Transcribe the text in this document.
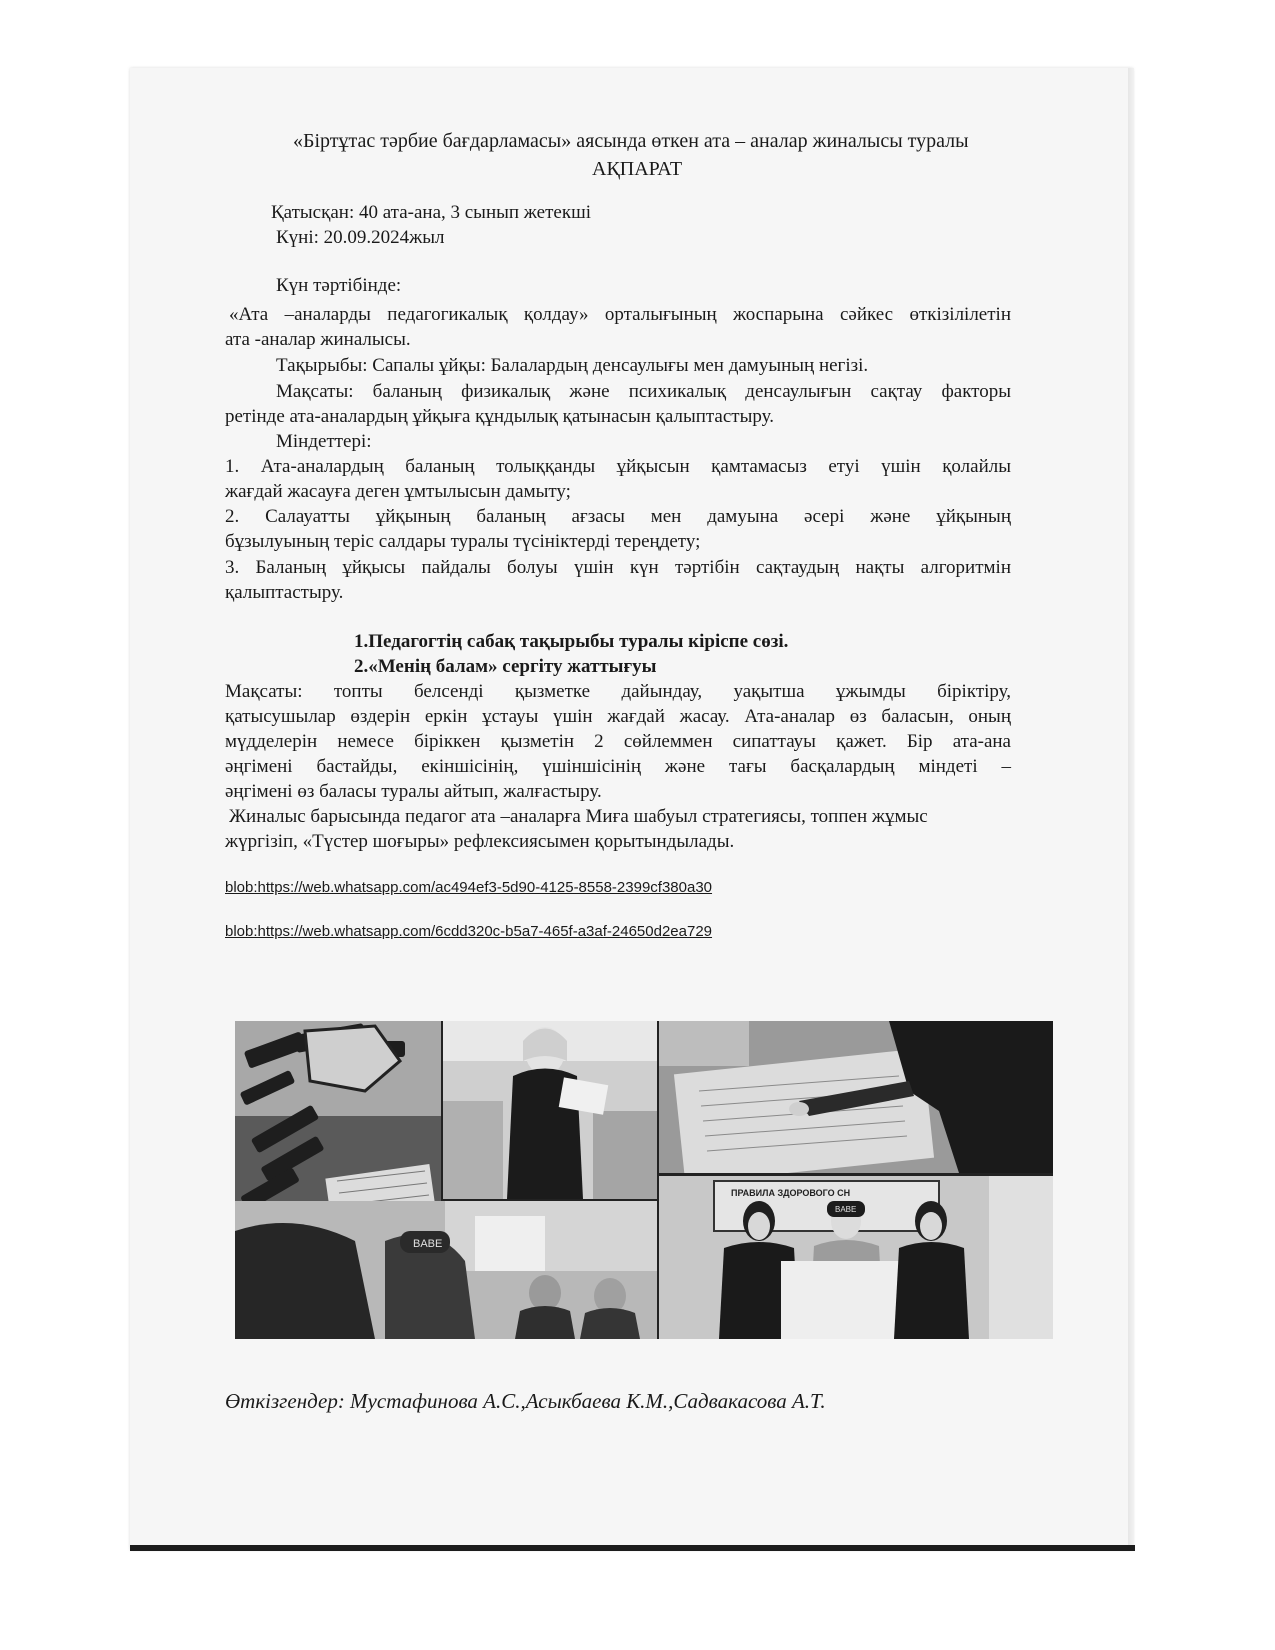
«Біртұтас тәрбие бағдарламасы» аясында өткен ата – аналар жиналысы туралы
АҚПАРАТ
Қатысқан: 40 ата-ана, 3 сынып жетекші
Күні: 20.09.2024жыл
Күн тәртібінде:
«Ата –аналарды педагогикалық қолдау» орталығының жоспарына сәйкес өткізілілетін
ата -аналар жиналысы.
Тақырыбы: Сапалы ұйқы: Балалардың денсаулығы мен дамуының негізі.
Мақсаты: баланың физикалық және психикалық денсаулығын сақтау факторы
ретінде ата-аналардың ұйқыға құндылық қатынасын қалыптастыру.
Міндеттері:
1. Ата-аналардың баланың толыққанды ұйқысын қамтамасыз етуі үшін қолайлы
жағдай жасауға деген ұмтылысын дамыту;
2. Салауатты ұйқының баланың ағзасы мен дамуына әсері және ұйқының
бұзылуының теріс салдары туралы түсініктерді тереңдету;
3. Баланың ұйқысы пайдалы болуы үшін күн тәртібін сақтаудың нақты алгоритмін
қалыптастыру.
1.Педагогтің сабақ тақырыбы туралы кіріспе сөзі.
2.«Менің балам» сергіту жаттығуы
Мақсаты: топты белсенді қызметке дайындау, уақытша ұжымды біріктіру,
қатысушылар өздерін еркін ұстауы үшін жағдай жасау. Ата-аналар өз баласын, оның
мүдделерін немесе біріккен қызметін 2 сөйлеммен сипаттауы қажет. Бір ата-ана
әңгімені бастайды, екіншісінің, үшіншісінің және тағы басқалардың міндеті –
әңгімені өз баласы туралы айтып, жалғастыру.
Жиналыс барысында педагог ата –аналарға Миға шабуыл стратегиясы, топпен жұмыс
жүргізіп, «Түстер шоғыры» рефлексиясымен қорытындылады.
blob:https://web.whatsapp.com/ac494ef3-5d90-4125-8558-2399cf380a30
blob:https://web.whatsapp.com/6cdd320c-b5a7-465f-a3af-24650d2ea729
BABE
ПРАВИЛА ЗДОРОВОГО СН
BABE
Өткізгендер: Мустафинова А.С.,Асыкбаева К.М.,Садвакасова А.Т.
